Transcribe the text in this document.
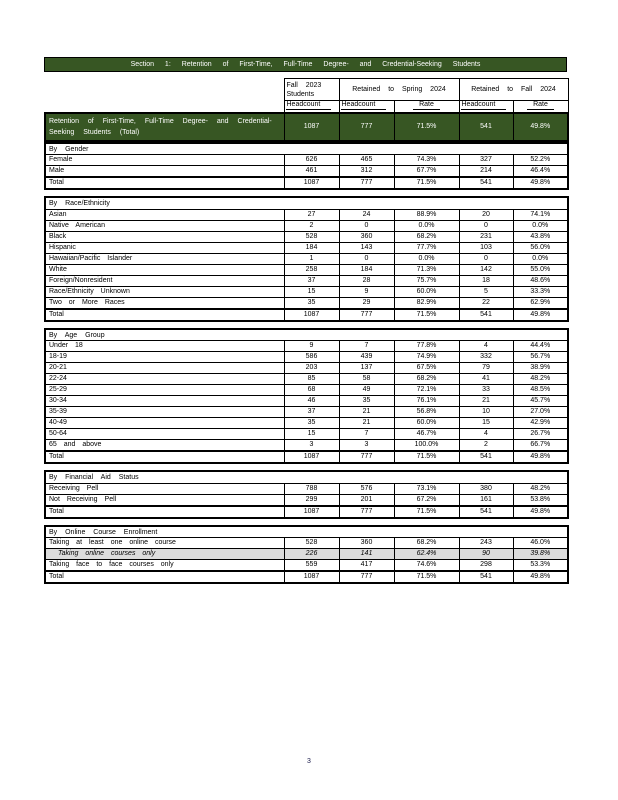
Section 1: Retention of First-Time, Full-Time Degree- and Credential-Seeking Students
	Fall 2023 Students	Retained to Spring 2024		Retained to Fall 2024	
	Headcount	Headcount	Rate	Headcount	Rate
Retention of First-Time, Full-Time Degree- and Credential-Seeking Students (Total)	1087	777	71.5%	541	49.8%
By Gender					
Female	626	465	74.3%	327	52.2%
Male	461	312	67.7%	214	46.4%
Total	1087	777	71.5%	541	49.8%
By Race/Ethnicity					
Asian	27	24	88.9%	20	74.1%
Native American	2	0	0.0%	0	0.0%
Black	528	360	68.2%	231	43.8%
Hispanic	184	143	77.7%	103	56.0%
Hawaiian/Pacific Islander	1	0	0.0%	0	0.0%
White	258	184	71.3%	142	55.0%
Foreign/Nonresident	37	28	75.7%	18	48.6%
Race/Ethnicity Unknown	15	9	60.0%	5	33.3%
Two or More Races	35	29	82.9%	22	62.9%
Total	1087	777	71.5%	541	49.8%
By Age Group					
Under 18	9	7	77.8%	4	44.4%
18-19	586	439	74.9%	332	56.7%
20-21	203	137	67.5%	79	38.9%
22-24	85	58	68.2%	41	48.2%
25-29	68	49	72.1%	33	48.5%
30-34	46	35	76.1%	21	45.7%
35-39	37	21	56.8%	10	27.0%
40-49	35	21	60.0%	15	42.9%
50-64	15	7	46.7%	4	26.7%
65 and above	3	3	100.0%	2	66.7%
Total	1087	777	71.5%	541	49.8%
By Financial Aid Status					
Receiving Pell	788	576	73.1%	380	48.2%
Not Receiving Pell	299	201	67.2%	161	53.8%
Total	1087	777	71.5%	541	49.8%
By Online Course Enrollment					
Taking at least one online course	528	360	68.2%	243	46.0%
Taking online courses only	226	141	62.4%	90	39.8%
Taking face to face courses only	559	417	74.6%	298	53.3%
Total	1087	777	71.5%	541	49.8%
3
